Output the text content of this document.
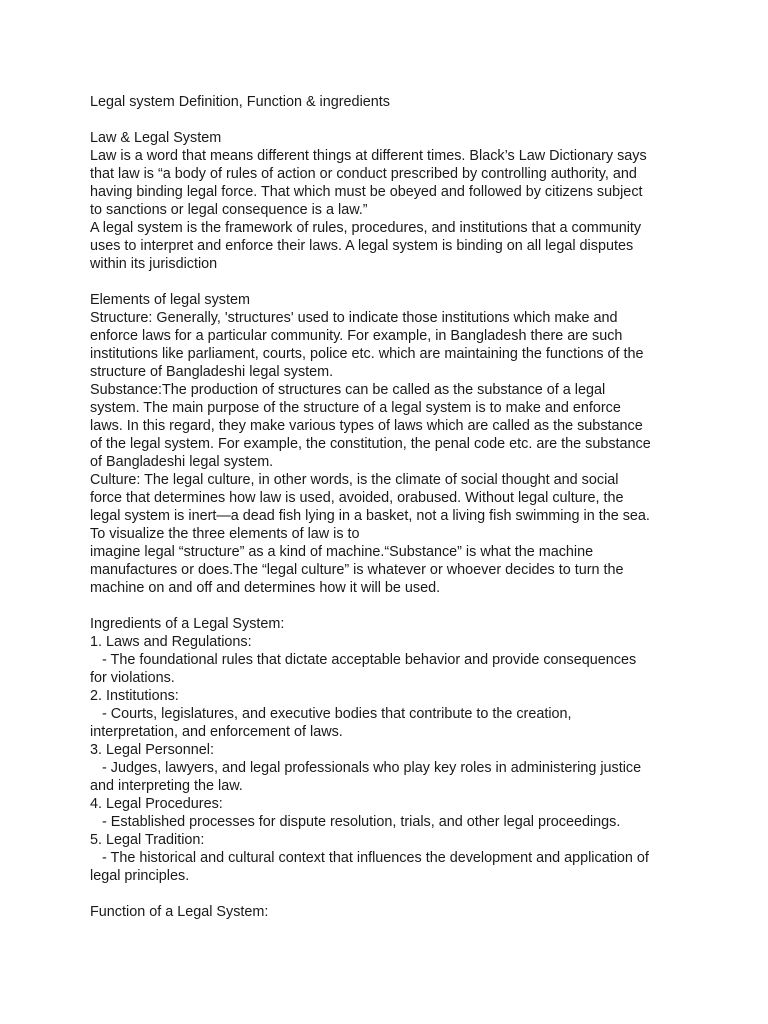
Legal system Definition, Function & ingredients
Law & Legal System
Law is a word that means different things at different times. Black’s Law Dictionary says
that law is “a body of rules of action or conduct prescribed by controlling authority, and
having binding legal force. That which must be obeyed and followed by citizens subject
to sanctions or legal consequence is a law.”
A legal system is the framework of rules, procedures, and institutions that a community
uses to interpret and enforce their laws. A legal system is binding on all legal disputes
within its jurisdiction
Elements of legal system
Structure: Generally, 'structures' used to indicate those institutions which make and
enforce laws for a particular community. For example, in Bangladesh there are such
institutions like parliament, courts, police etc. which are maintaining the functions of the
structure of Bangladeshi legal system.
Substance:The production of structures can be called as the substance of a legal
system. The main purpose of the structure of a legal system is to make and enforce
laws. In this regard, they make various types of laws which are called as the substance
of the legal system. For example, the constitution, the penal code etc. are the substance
of Bangladeshi legal system.
Culture: The legal culture, in other words, is the climate of social thought and social
force that determines how law is used, avoided, orabused. Without legal culture, the
legal system is inert—a dead fish lying in a basket, not a living fish swimming in the sea.
To visualize the three elements of law is to
imagine legal “structure” as a kind of machine.“Substance” is what the machine
manufactures or does.The “legal culture” is whatever or whoever decides to turn the
machine on and off and determines how it will be used.
Ingredients of a Legal System:
1. Laws and Regulations:
- The foundational rules that dictate acceptable behavior and provide consequences
for violations.
2. Institutions:
- Courts, legislatures, and executive bodies that contribute to the creation,
interpretation, and enforcement of laws.
3. Legal Personnel:
- Judges, lawyers, and legal professionals who play key roles in administering justice
and interpreting the law.
4. Legal Procedures:
- Established processes for dispute resolution, trials, and other legal proceedings.
5. Legal Tradition:
- The historical and cultural context that influences the development and application of
legal principles.
Function of a Legal System:
